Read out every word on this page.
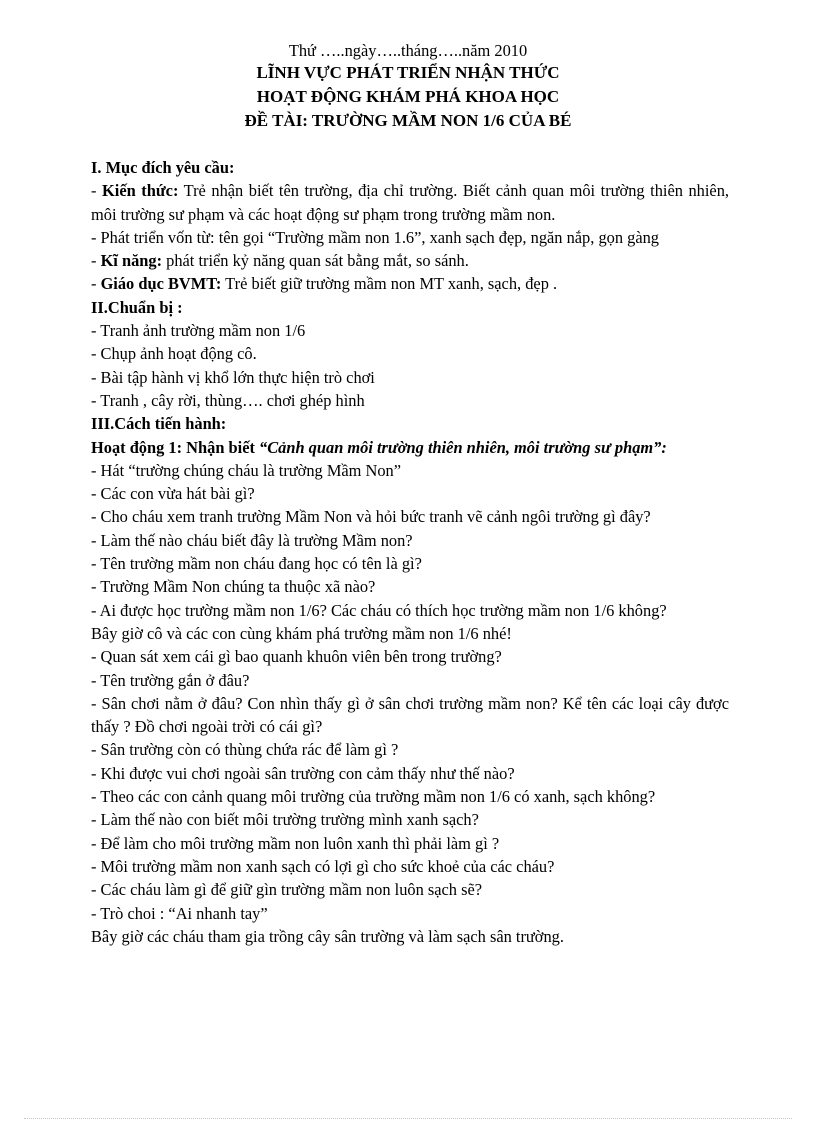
Thứ …..ngày…..tháng…..năm 2010
LĨNH VỰC PHÁT TRIỂN NHẬN THỨC
HOẠT ĐỘNG KHÁM PHÁ KHOA HỌC
ĐỀ TÀI: TRƯỜNG MẦM NON 1/6 CỦA BÉ

I. Mục đích yêu cầu:

- Kiến thức: Trẻ nhận biết tên trường, địa chỉ trường. Biết cảnh quan môi trường thiên nhiên, môi trường sư phạm và các hoạt động sư phạm trong trường mầm non.

- Phát triển vốn từ: tên gọi “Trường mầm non 1.6”, xanh sạch đẹp, ngăn nắp, gọn gàng

- Kĩ năng: phát triển kỷ năng quan sát bằng mắt, so sánh.

- Giáo dục BVMT: Trẻ biết giữ trường mầm non MT xanh, sạch, đẹp .

II.Chuẩn bị :

- Tranh ảnh trường mầm non 1/6

- Chụp ảnh hoạt động cô.

- Bài tập hành vị khổ lớn thực hiện trò chơi

- Tranh , cây rời, thùng…. chơi ghép hình

III.Cách tiến hành:

Hoạt động 1: Nhận biết “Cảnh quan môi trường thiên nhiên, môi trường sư phạm”:

- Hát “trường chúng cháu là trường Mầm Non”

- Các con vừa hát bài gì?

- Cho cháu xem tranh trường Mầm Non và hỏi bức tranh vẽ cảnh ngôi trường gì đây?

- Làm thế nào cháu biết đây là trường Mầm non?

- Tên trường mầm non cháu đang học có tên là gì?

- Trường Mầm Non chúng ta thuộc xã nào?

- Ai được học trường mầm non 1/6? Các cháu có thích học trường mầm non 1/6 không?

Bây giờ cô và các con cùng khám phá trường mầm non 1/6 nhé!

- Quan sát xem cái gì bao quanh khuôn viên bên trong trường?

- Tên trường gắn ở đâu?

- Sân chơi nằm ở đâu? Con nhìn thấy gì ở sân chơi trường mầm non? Kể tên các loại cây được thấy ? Đồ chơi ngoài trời có cái gì?

- Sân trường còn có thùng chứa rác để làm gì ?

- Khi được vui chơi ngoài sân trường con cảm thấy như thế nào?

- Theo các con cảnh quang môi trường của trường mầm non 1/6 có xanh, sạch không?

- Làm thế nào con biết môi trường trường mình xanh sạch?

- Để làm cho môi trường mầm non luôn xanh thì phải làm gì ?

- Môi trường mầm non xanh sạch có lợi gì cho sức khoẻ của các cháu?

- Các cháu làm gì để giữ gìn trường mầm non luôn sạch sẽ?

- Trò choi : “Ai nhanh tay”

Bây giờ các cháu tham gia trồng cây sân trường và làm sạch sân trường.
